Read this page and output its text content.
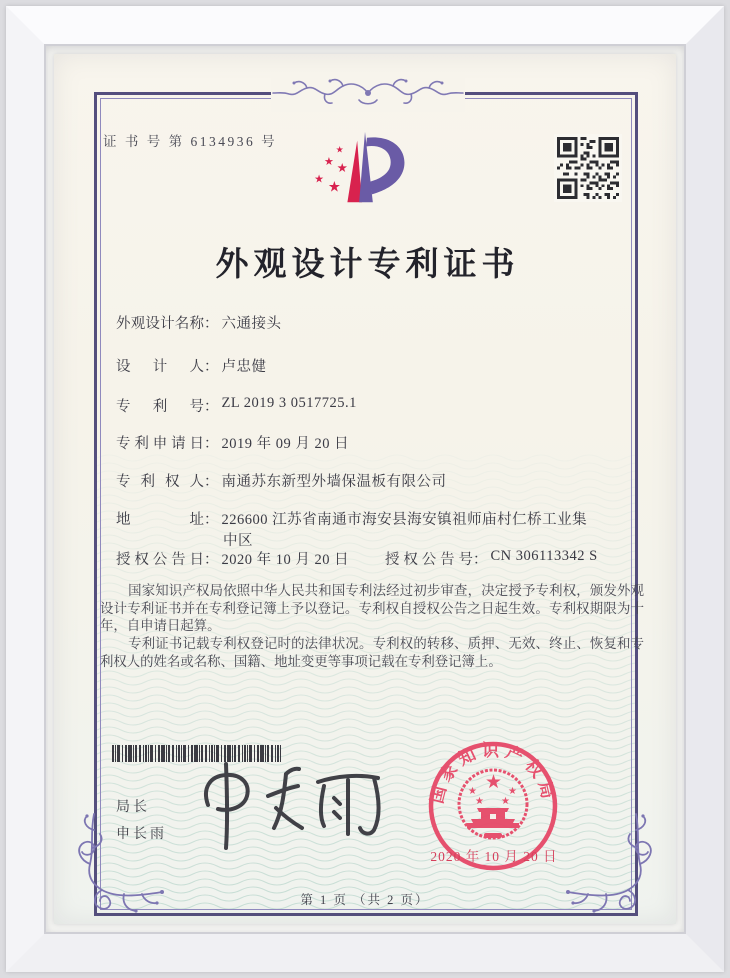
证 书 号 第 6134936 号
★
★ ★
★ ★
外观设计专利证书
外观设计名称： 六通接头
设计人： 卢忠健
专利号： ZL 2019 3 0517725.1
专利申请日： 2019 年 09 月 20 日
专利权人： 南通苏东新型外墙保温板有限公司
地址： 226600 江苏省南通市海安县海安镇祖师庙村仁桥工业集
中区
授权公告日： 2020 年 10 月 20 日 授权公告号： CN 306113342 S

国家知识产权局依照中华人民共和国专利法经过初步审查，决定授予专利权，颁发外观设计专利证书并在专利登记簿上予以登记。专利权自授权公告之日起生效。专利权期限为十年，自申请日起算。

专利证书记载专利权登记时的法律状况。专利权的转移、质押、无效、终止、恢复和专利权人的姓名或名称、国籍、地址变更等事项记载在专利登记簿上。

局长
申长雨
国家知识产权局
★
★	★
★ ★
2020 年 10 月 20 日
第 1 页 （共 2 页）
